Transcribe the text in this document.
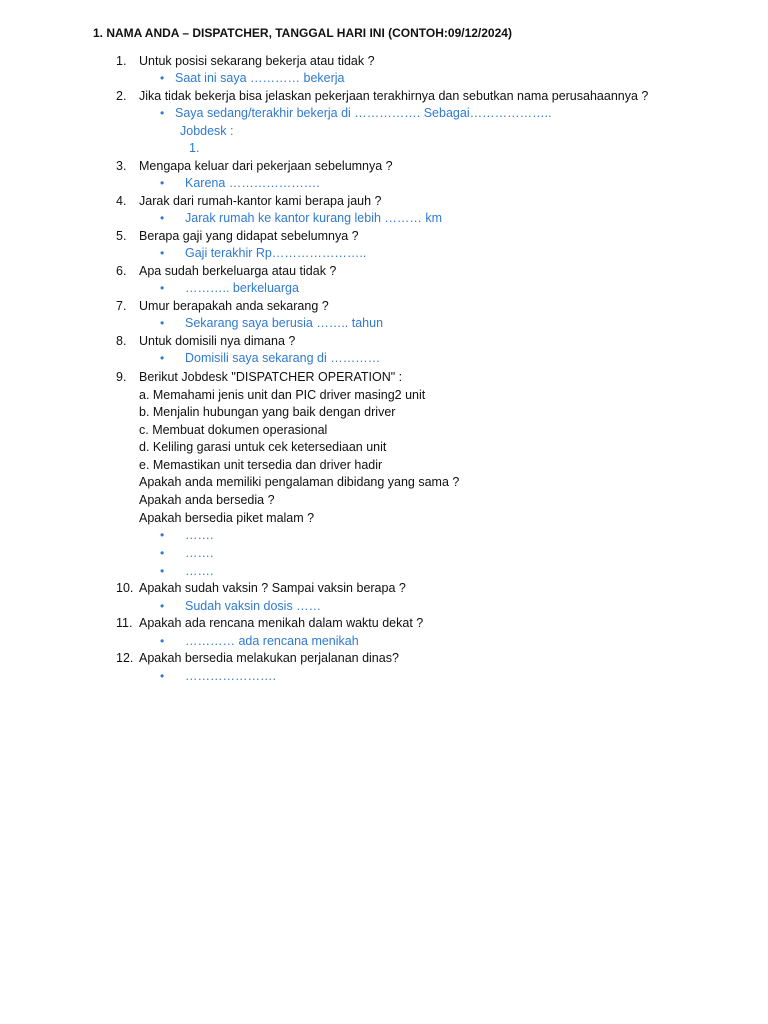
1. NAMA ANDA – DISPATCHER, TANGGAL HARI INI (CONTOH:09/12/2024)
1. Untuk posisi sekarang bekerja atau tidak ?
• Saat ini saya ………… bekerja
2. Jika tidak bekerja bisa jelaskan pekerjaan terakhirnya dan sebutkan nama perusahaannya ?
• Saya sedang/terakhir bekerja di ……………. Sebagai………………..
Jobdesk :
1.
3. Mengapa keluar dari pekerjaan sebelumnya ?
• Karena ………………….
4. Jarak dari rumah-kantor kami berapa jauh ?
• Jarak rumah ke kantor kurang lebih ……… km
5. Berapa gaji yang didapat sebelumnya ?
• Gaji terakhir Rp…………………..
6. Apa sudah berkeluarga atau tidak ?
• ……….. berkeluarga
7. Umur berapakah anda sekarang ?
• Sekarang saya berusia …….. tahun
8. Untuk domisili nya dimana ?
• Domisili saya sekarang di …………
9. Berikut Jobdesk "DISPATCHER OPERATION" :
a. Memahami jenis unit dan PIC driver masing2 unit
b. Menjalin hubungan yang baik dengan driver
c. Membuat dokumen operasional
d. Keliling garasi untuk cek ketersediaan unit
e. Memastikan unit tersedia dan driver hadir
Apakah anda memiliki pengalaman dibidang yang sama ?
Apakah anda bersedia ?
Apakah bersedia piket malam ?
• …….
• …….
• …….
10. Apakah sudah vaksin ? Sampai vaksin berapa ?
• Sudah vaksin dosis ……
11. Apakah ada rencana menikah dalam waktu dekat ?
• ………… ada rencana menikah
12. Apakah bersedia melakukan perjalanan dinas?
• ………………….
